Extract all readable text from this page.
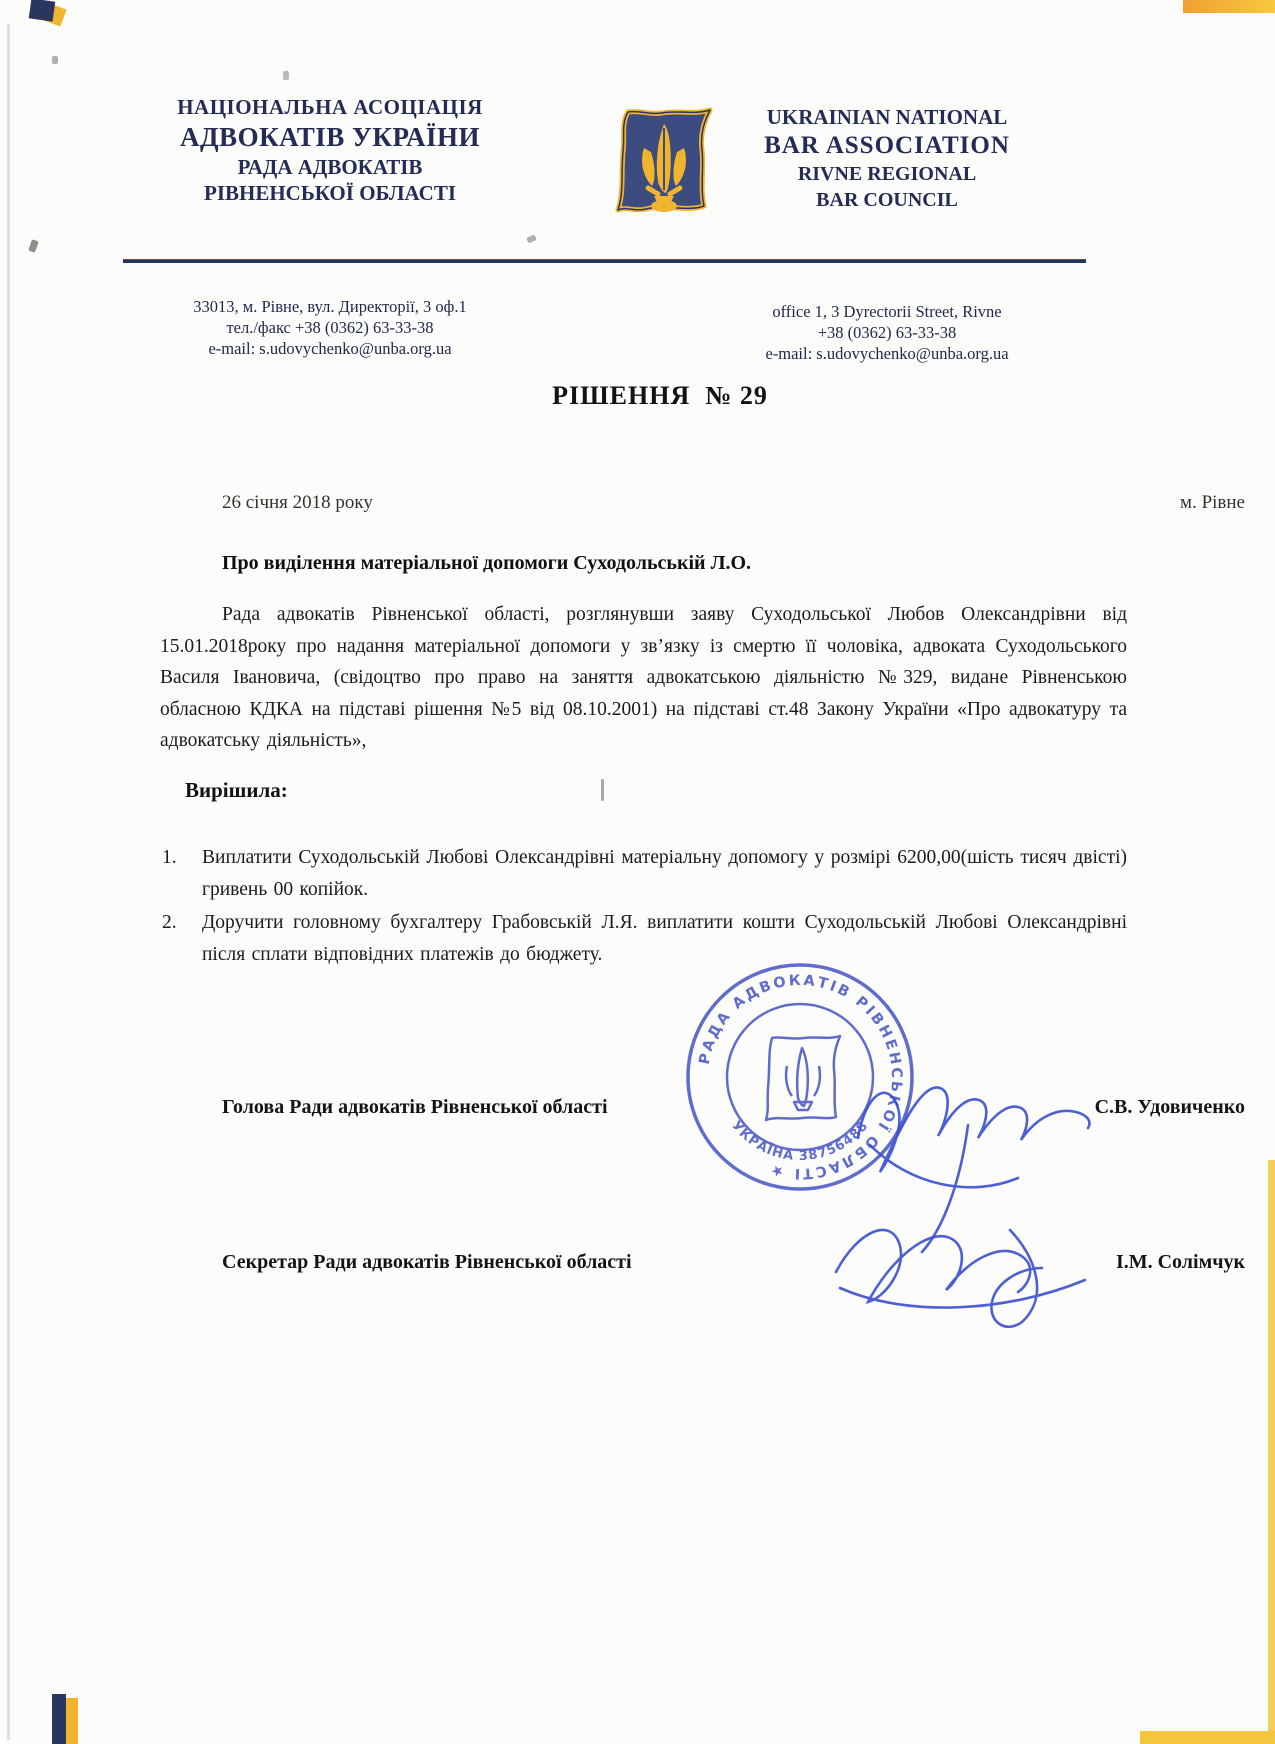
НАЦІОНАЛЬНА АСОЦІАЦІЯ
АДВОКАТІВ УКРАЇНИ
РАДА АДВОКАТІВ
РІВНЕНСЬКОЇ ОБЛАСТІ
UKRAINIAN NATIONAL
BAR ASSOCIATION
RIVNE REGIONAL
BAR COUNCIL
33013, м. Рівне, вул. Директорії, 3 оф.1
тел./факс +38 (0362) 63-33-38
e-mail: s.udovychenko@unba.org.ua
office 1, 3 Dyrectorii Street, Rivne
+38 (0362) 63-33-38
e-mail: s.udovychenko@unba.org.ua
РІШЕННЯ  № 29
26 січня 2018 року	м. Рівне
Про виділення матеріальної допомоги Суходольській Л.О.
Рада адвокатів Рівненської області, розглянувши заяву Суходольської Любов Олександрівни від 15.01.2018року про надання матеріальної допомоги у зв’язку із смертю її чоловіка, адвоката Суходольського Василя Івановича, (свідоцтво про право на заняття адвокатською діяльністю №329, видане Рівненською обласною КДКА на підставі рішення №5 від 08.10.2001) на підставі ст.48 Закону України «Про адвокатуру та адвокатську діяльність»,
Вирішила:
Виплатити Суходольській Любові Олександрівні матеріальну допомогу у розмірі 6200,00(шість тисяч двісті) гривень 00 копійок.
Доручити головному бухгалтеру Грабовській Л.Я. виплатити кошти Суходольській Любові Олександрівні після сплати відповідних платежів до бюджету.
Голова Ради адвокатів Рівненської області	С.В. Удовиченко
Секретар Ради адвокатів Рівненської області	І.М. Солімчук
РАДА АДВОКАТІВ РІВНЕНСЬКОЇ ОБЛАСТІ ★
УКРАЇНА 38756488
